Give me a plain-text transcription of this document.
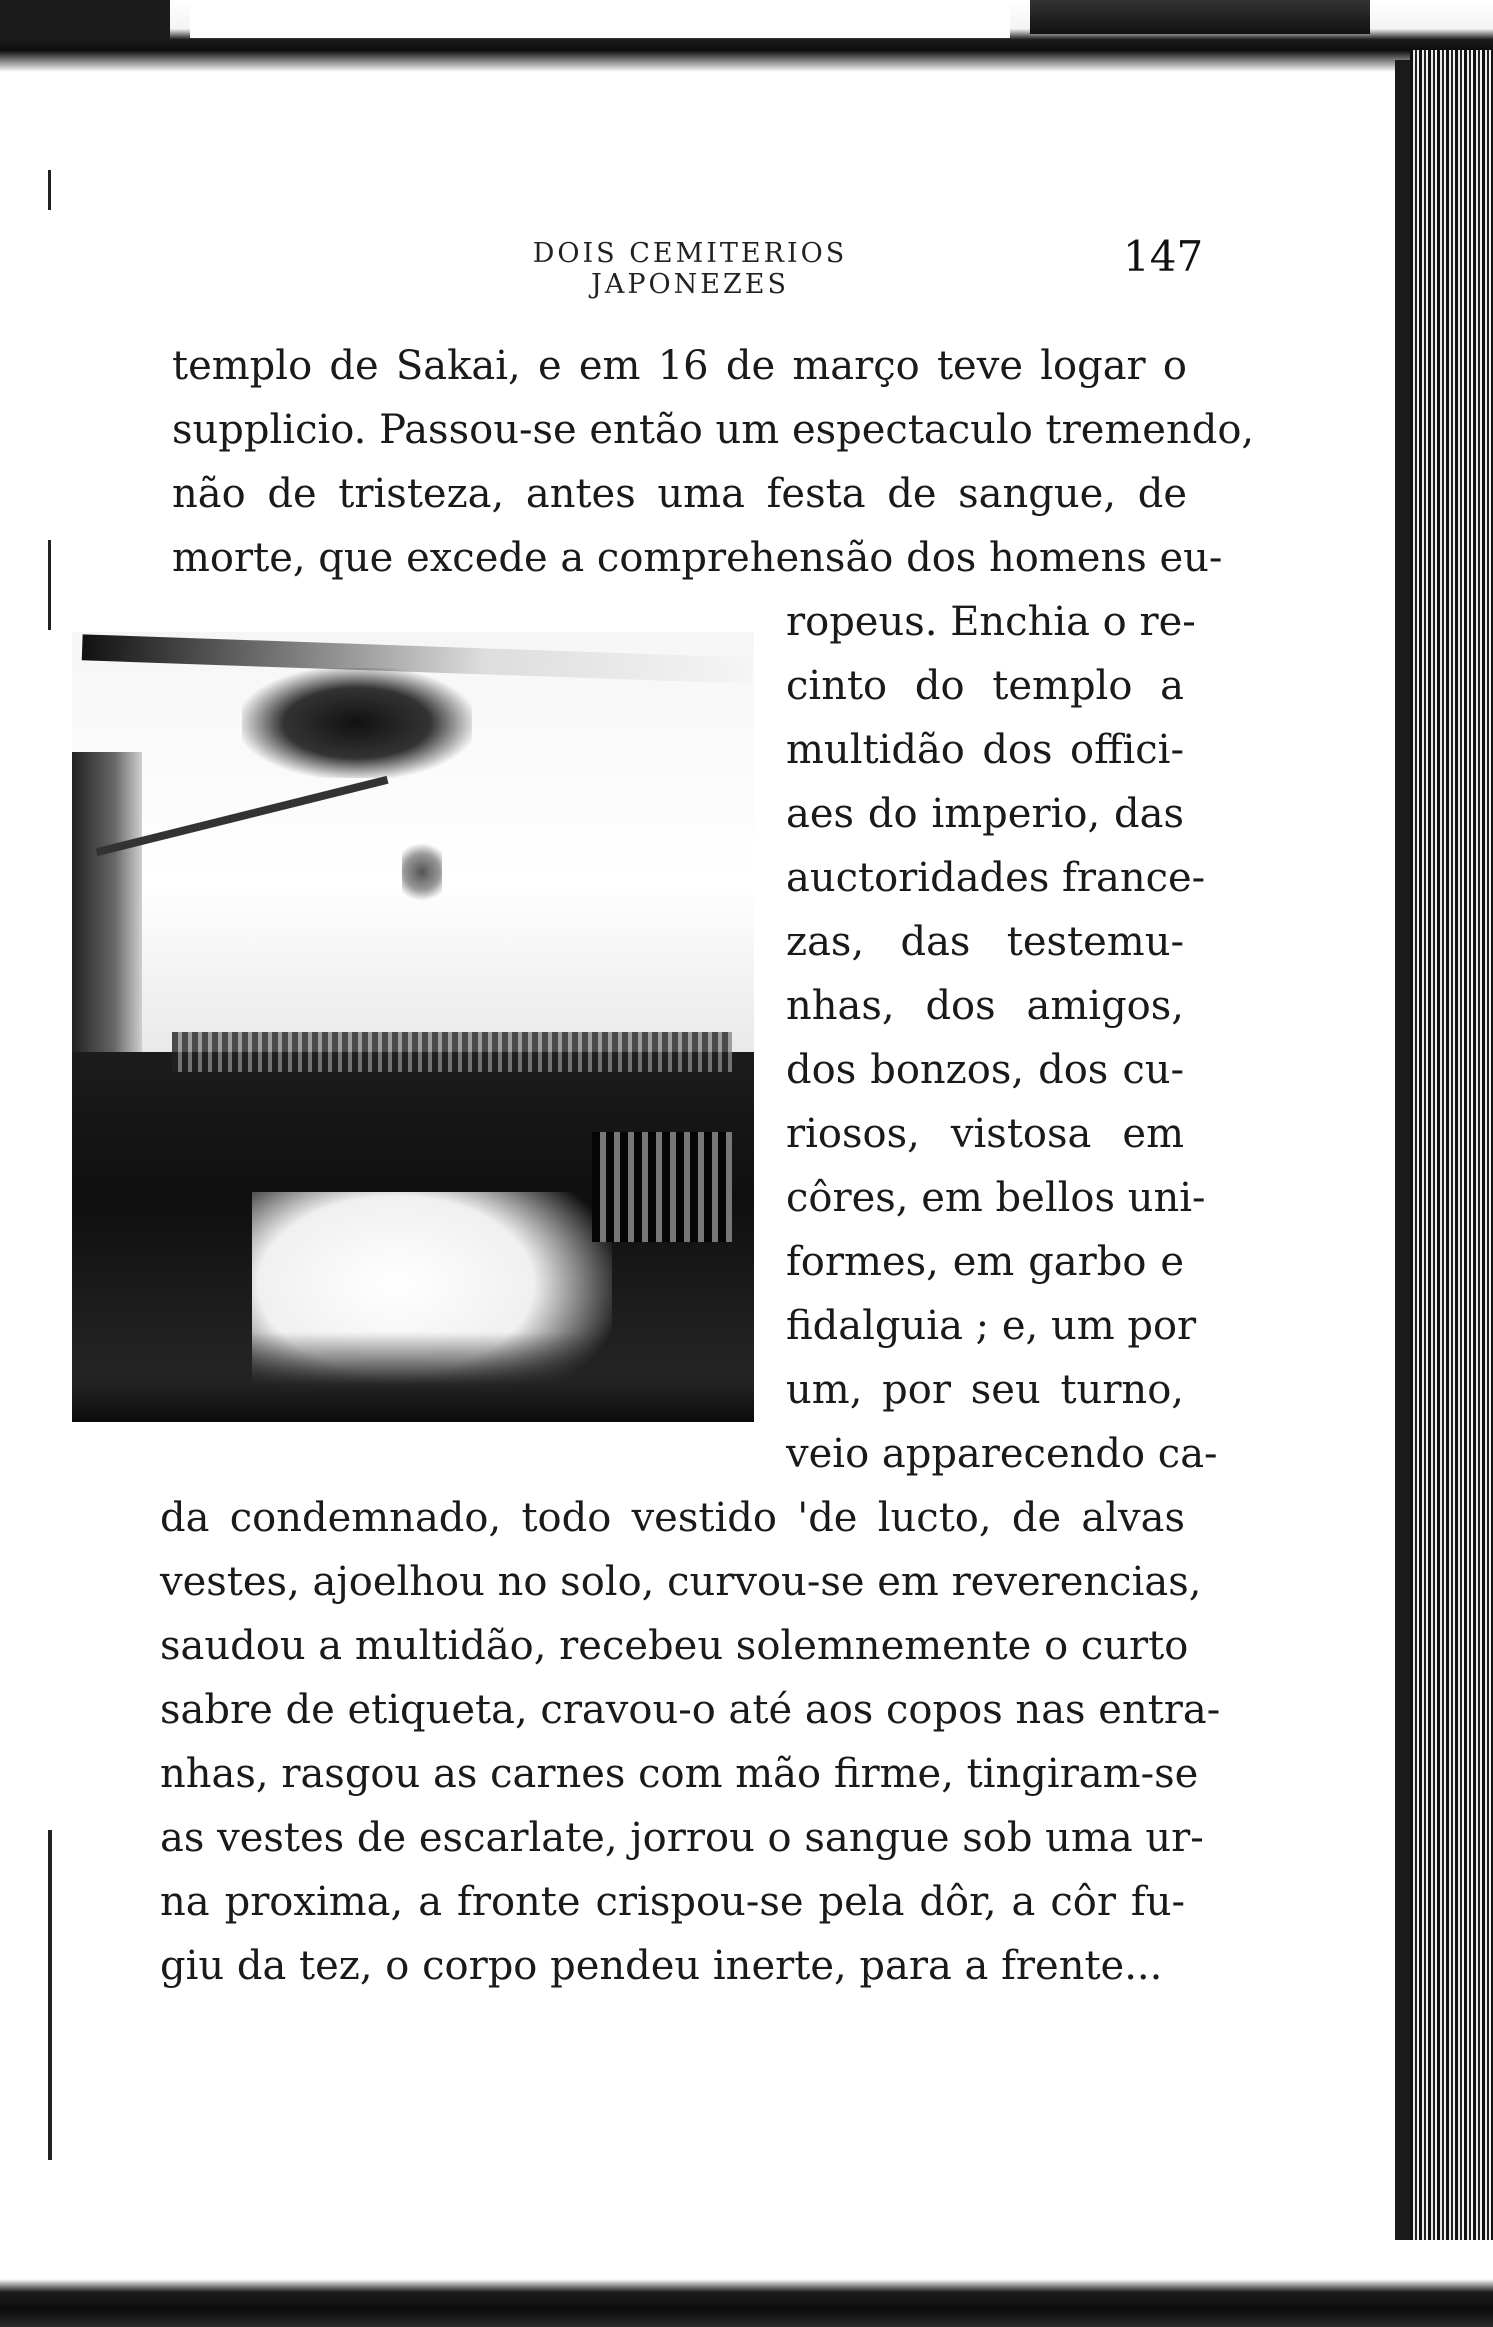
DOIS CEMITERIOS JAPONEZES
147
templo de Sakai, e em 16 de março teve logar o
supplicio. Passou-se então um espectaculo tremendo,
não de tristeza, antes uma festa de sangue, de
morte, que excede a comprehensão dos homens eu-
ropeus. Enchia o re-
cinto do templo a
multidão dos offici-
aes do imperio, das
auctoridades france-
zas, das testemu-
nhas, dos amigos,
dos bonzos, dos cu-
riosos, vistosa em
côres, em bellos uni-
formes, em garbo e
fidalguia ; e, um por
um, por seu turno,
veio apparecendo ca-
da condemnado, todo vestido 'de lucto, de alvas
vestes, ajoelhou no solo, curvou-se em reverencias,
saudou a multidão, recebeu solemnemente o curto
sabre de etiqueta, cravou-o até aos copos nas entra-
nhas, rasgou as carnes com mão firme, tingiram-se
as vestes de escarlate, jorrou o sangue sob uma ur-
na proxima, a fronte crispou-se pela dôr, a côr fu-
giu da tez, o corpo pendeu inerte, para a frente...
